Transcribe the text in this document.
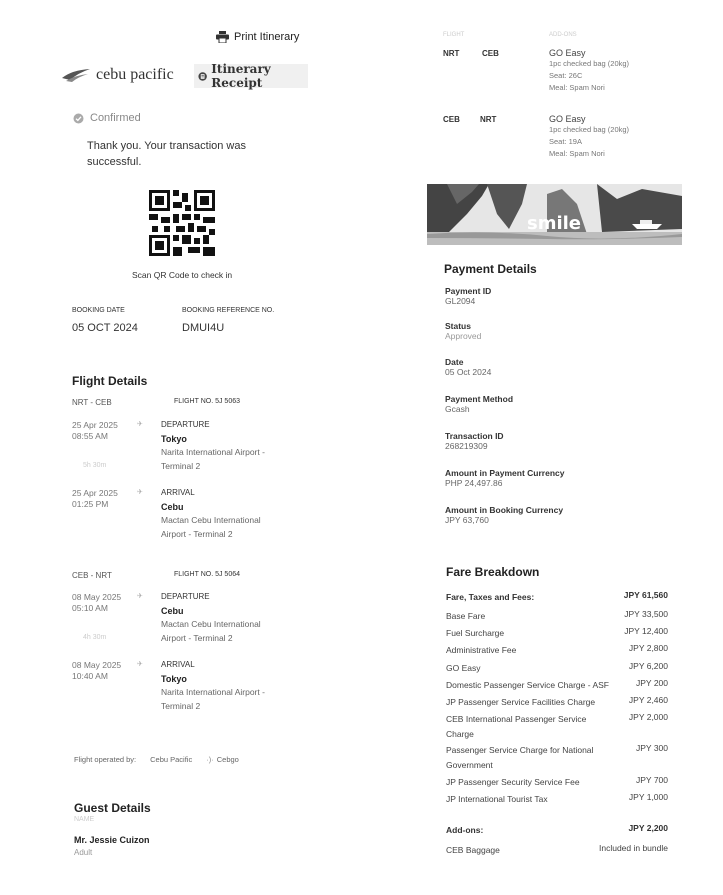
Print Itinerary
cebu pacific	Itinerary Receipt
Confirmed
Thank you. Your transaction was successful.
Scan QR Code to check in
BOOKING DATE
05 OCT 2024
BOOKING REFERENCE NO.
DMUI4U
Flight Details
NRT - CEB	FLIGHT NO. 5J 5063
25 Apr 2025
08:55 AM
✈ DEPARTURE
Tokyo
Narita International Airport - Terminal 2
5h 30m
25 Apr 2025
01:25 PM
✈ ARRIVAL
Cebu
Mactan Cebu International Airport - Terminal 2
CEB - NRT	FLIGHT NO. 5J 5064
08 May 2025
05:10 AM
✈ DEPARTURE
Cebu
Mactan Cebu International Airport - Terminal 2
4h 30m
08 May 2025
10:40 AM
✈ ARRIVAL
Tokyo
Narita International Airport - Terminal 2
Flight operated by: Cebu Pacific ·)· Cebgo
Guest Details
NAME
Mr. Jessie Cuizon
Adult
FLIGHT	ADD-ONS
NRT	CEB	GO Easy
1pc checked bag (20kg)
Seat: 26C
Meal: Spam Nori
CEB	NRT	GO Easy
1pc checked bag (20kg)
Seat: 19A
Meal: Spam Nori
smile
Payment Details
Payment ID
GL2094
Status
Approved
Date
05 Oct 2024
Payment Method
Gcash
Transaction ID
268219309
Amount in Payment Currency
PHP 24,497.86
Amount in Booking Currency
JPY 63,760
Fare Breakdown
Fare, Taxes and Fees:	JPY 61,560
Base Fare	JPY 33,500
Fuel Surcharge	JPY 12,400
Administrative Fee	JPY 2,800
GO Easy	JPY 6,200
Domestic Passenger Service Charge - ASF	JPY 200
JP Passenger Service Facilities Charge	JPY 2,460
CEB International Passenger Service Charge
JPY 2,000
Passenger Service Charge for National Government
JPY 300
JP Passenger Security Service Fee	JPY 700
JP International Tourist Tax	JPY 1,000
Add-ons:	JPY 2,200
CEB Baggage	Included in bundle
